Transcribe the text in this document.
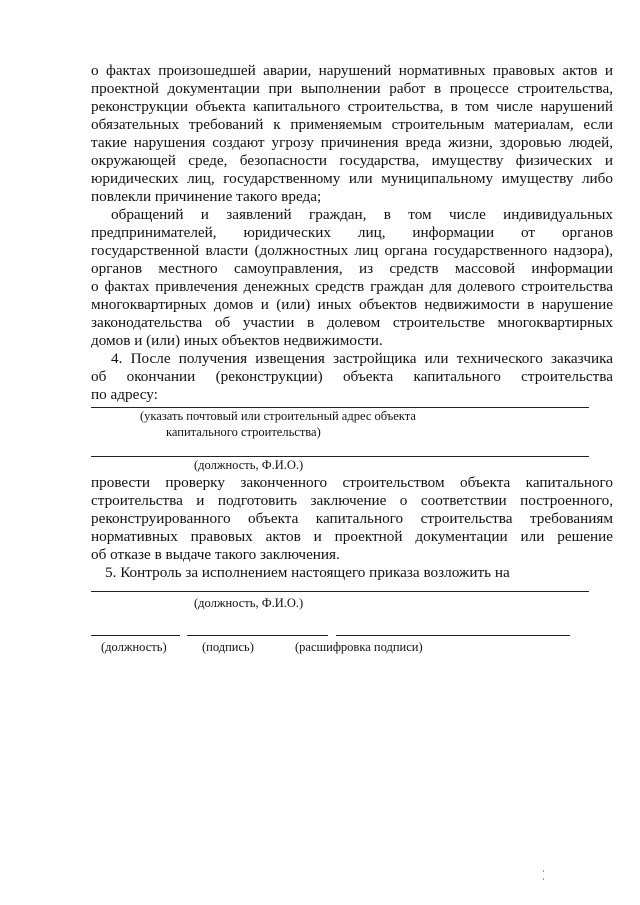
о фактах произошедшей аварии, нарушений нормативных правовых актов и
проектной документации при выполнении работ в процессе строительства,
реконструкции объекта капитального строительства, в том числе нарушений
обязательных требований к применяемым строительным материалам, если
такие нарушения создают угрозу причинения вреда жизни, здоровью людей,
окружающей среде, безопасности государства, имуществу физических и
юридических лиц, государственному или муниципальному имуществу либо
повлекли причинение такого вреда;
обращений и заявлений граждан, в том числе индивидуальных
предпринимателей, юридических лиц, информации от органов
государственной власти (должностных лиц органа государственного надзора),
органов местного самоуправления, из средств массовой информации
о фактах привлечения денежных средств граждан для долевого строительства
многоквартирных домов и (или) иных объектов недвижимости в нарушение
законодательства об участии в долевом строительстве многоквартирных
домов и (или) иных объектов недвижимости.
4. После получения извещения застройщика или технического заказчика
об окончании (реконструкции) объекта капитального строительства
по адресу:
(указать почтовый или строительный адрес объекта
капитального строительства)
(должность, Ф.И.О.)
провести проверку законченного строительством объекта капитального
строительства и подготовить заключение о соответствии построенного,
реконструированного объекта капитального строительства требованиям
нормативных правовых актов и проектной документации или решение
об отказе в выдаче такого заключения.
5. Контроль за исполнением настоящего приказа возложить на
(должность, Ф.И.О.)
(должность)	(подпись)	(расшифровка подписи)
